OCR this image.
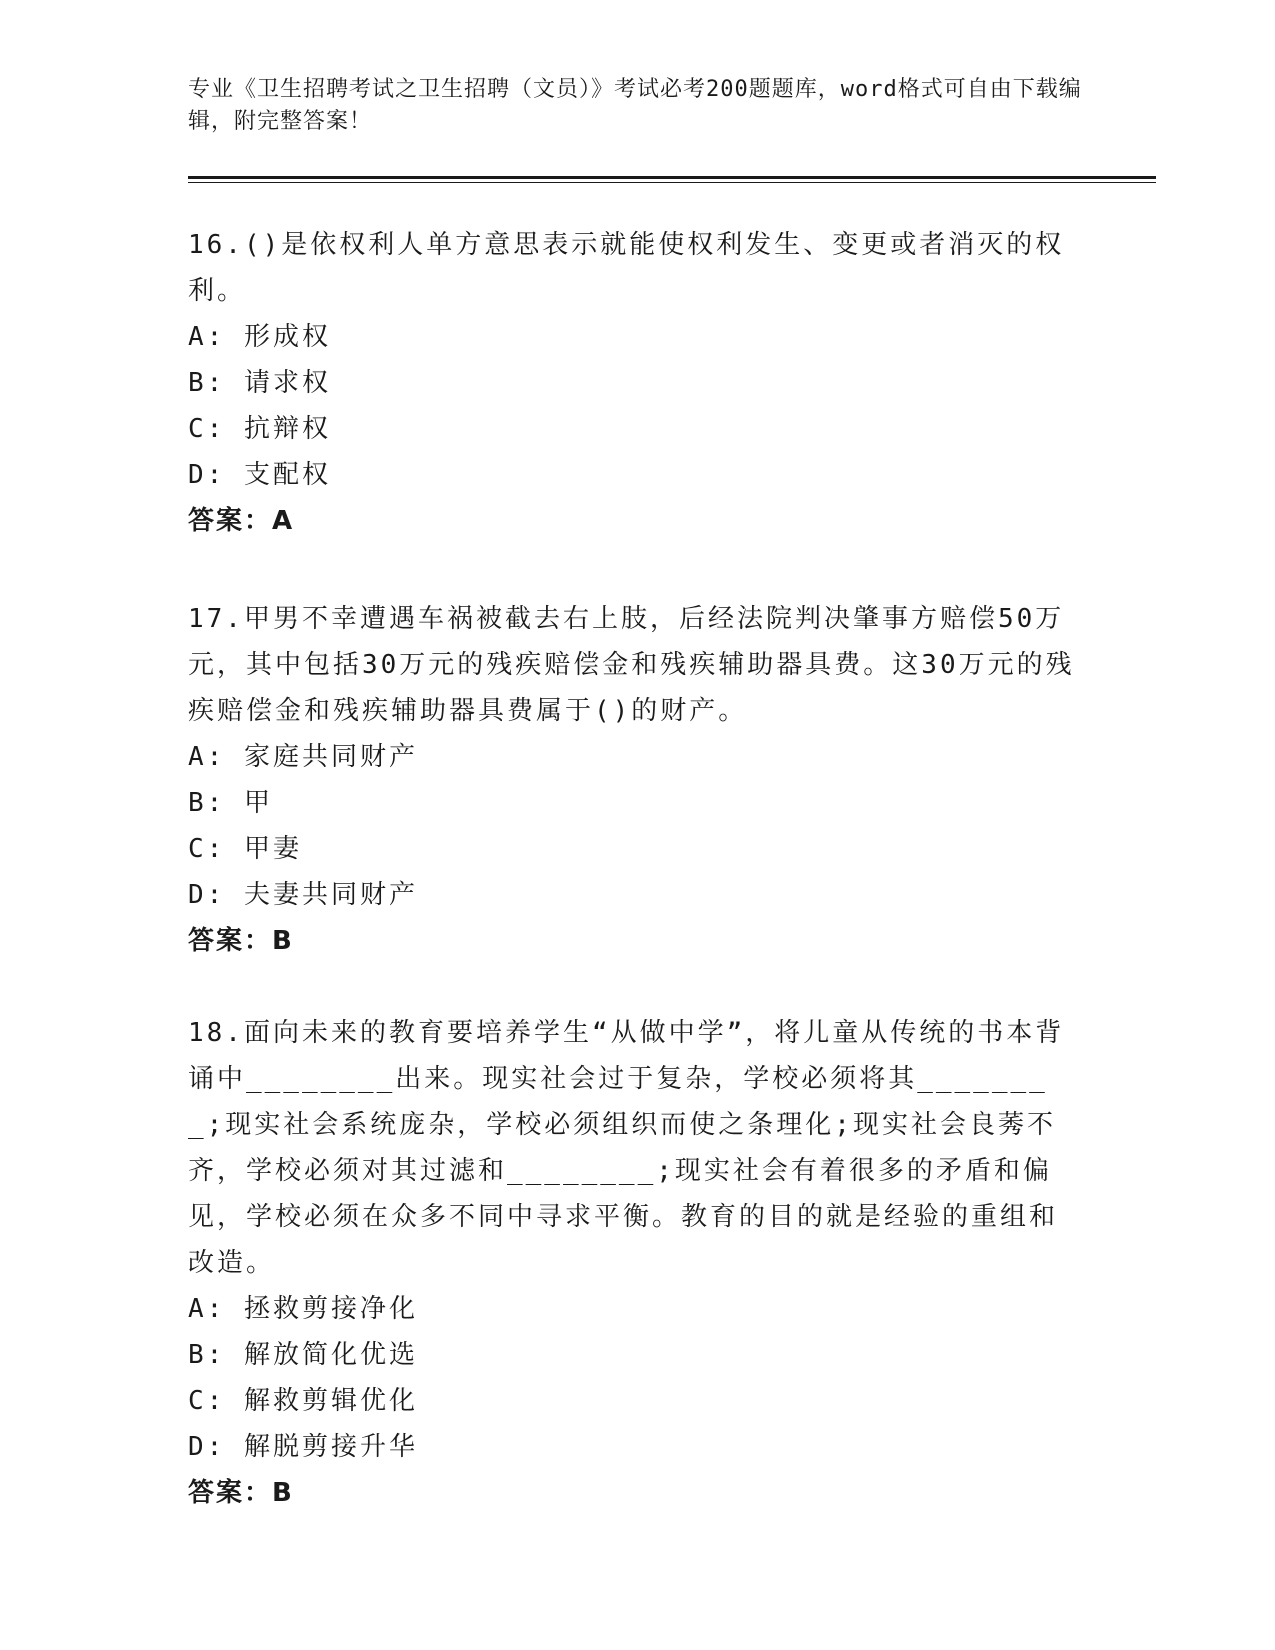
专业《卫生招聘考试之卫生招聘（文员）》考试必考200题题库，word格式可自由下载编辑，附完整答案！

16.()是依权利人单方意思表示就能使权利发生、变更或者消灭的权利。

A: 形成权

B: 请求权

C: 抗辩权

D: 支配权

答案：A

17.甲男不幸遭遇车祸被截去右上肢，后经法院判决肇事方赔偿50万元，其中包括30万元的残疾赔偿金和残疾辅助器具费。这30万元的残疾赔偿金和残疾辅助器具费属于()的财产。

A: 家庭共同财产

B: 甲

C: 甲妻

D: 夫妻共同财产

答案：B

18.面向未来的教育要培养学生“从做中学”，将儿童从传统的书本背诵中________出来。现实社会过于复杂，学校必须将其________;现实社会系统庞杂，学校必须组织而使之条理化;现实社会良莠不齐，学校必须对其过滤和________;现实社会有着很多的矛盾和偏见，学校必须在众多不同中寻求平衡。教育的目的就是经验的重组和改造。

A: 拯救剪接净化

B: 解放简化优选

C: 解救剪辑优化

D: 解脱剪接升华

答案：B
